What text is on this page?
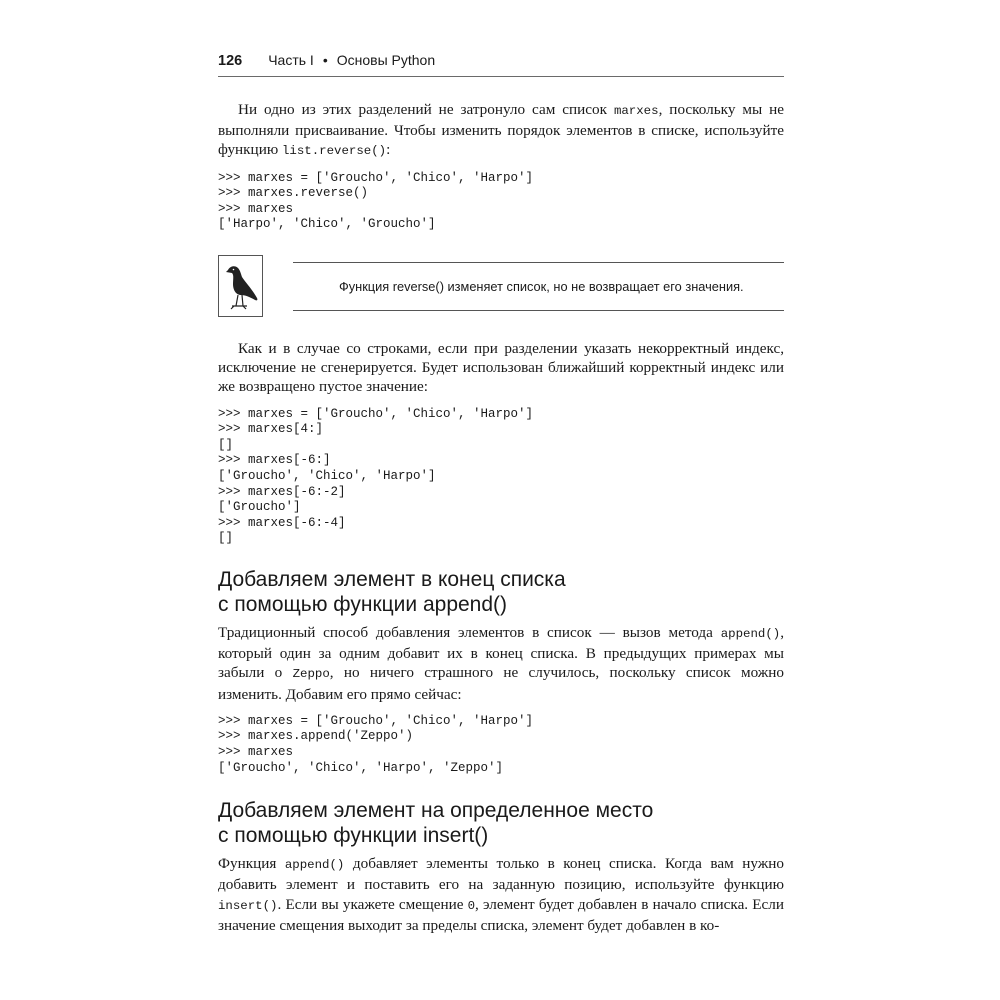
126 Часть I • Основы Python

Ни одно из этих разделений не затронуло сам список marxes, поскольку мы не выполняли присваивание. Чтобы изменить порядок элементов в списке, используйте функцию list.reverse():

>>> marxes = ['Groucho', 'Chico', 'Harpo']
>>> marxes.reverse()
>>> marxes
['Harpo', 'Chico', 'Groucho']
Функция reverse() изменяет список, но не возвращает его значения.

Как и в случае со строками, если при разделении указать некорректный индекс, исключение не сгенерируется. Будет использован ближайший корректный индекс или же возвращено пустое значение:

>>> marxes = ['Groucho', 'Chico', 'Harpo']
>>> marxes[4:]
[]
>>> marxes[-6:]
['Groucho', 'Chico', 'Harpo']
>>> marxes[-6:-2]
['Groucho']
>>> marxes[-6:-4]
[]
Добавляем элемент в конец списка
с помощью функции append()

Традиционный способ добавления элементов в список — вызов метода append(), который один за одним добавит их в конец списка. В предыдущих примерах мы забыли о Zeppo, но ничего страшного не случилось, поскольку список можно изменить. Добавим его прямо сейчас:

>>> marxes = ['Groucho', 'Chico', 'Harpo']
>>> marxes.append('Zeppo')
>>> marxes
['Groucho', 'Chico', 'Harpo', 'Zeppo']
Добавляем элемент на определенное место
с помощью функции insert()

Функция append() добавляет элементы только в конец списка. Когда вам нужно добавить элемент и поставить его на заданную позицию, используйте функцию insert(). Если вы укажете смещение 0, элемент будет добавлен в начало списка. Если значение смещения выходит за пределы списка, элемент будет добавлен в ко-
